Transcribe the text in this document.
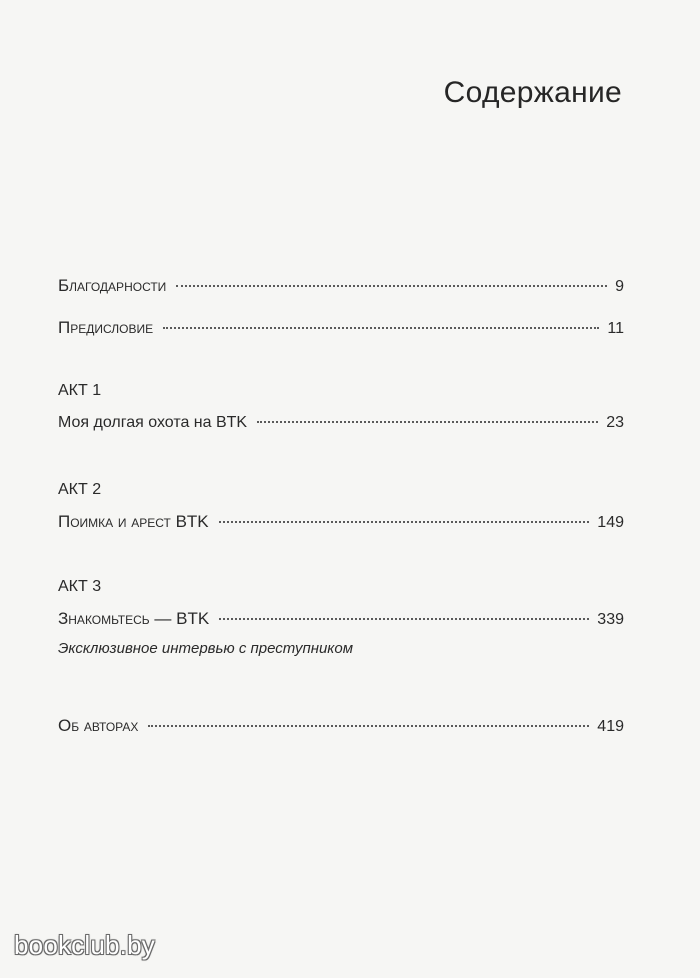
Содержание
Благодарности	9
Предисловие	11
АКТ 1
Моя долгая охота на BTK	23
АКТ 2
Поимка и арест BTK	149
АКТ 3
Знакомьтесь — BTK	339
Эксклюзивное интервью с преступником
Об авторах	419
bookclub.by
